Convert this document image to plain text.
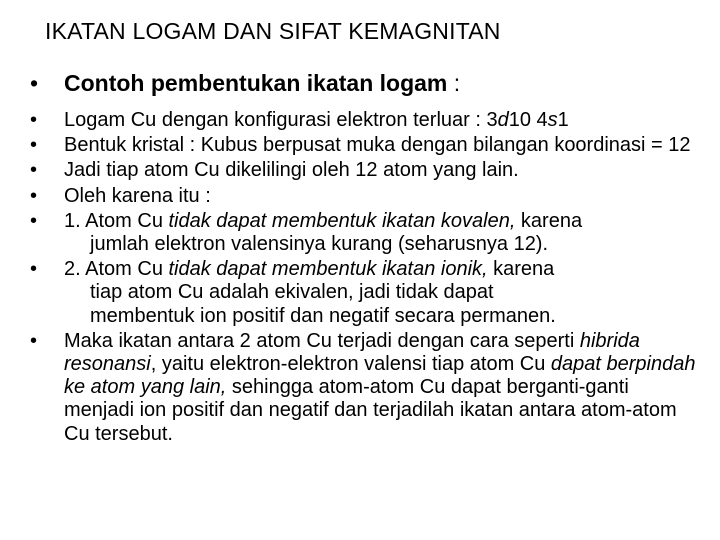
IKATAN LOGAM DAN SIFAT KEMAGNITAN
• Contoh pembentukan ikatan logam :
• Logam Cu dengan konfigurasi elektron terluar : 3d10 4s1
• Bentuk kristal : Kubus berpusat muka dengan bilangan koordinasi = 12
• Jadi tiap atom Cu dikelilingi oleh 12 atom yang lain.
• Oleh karena itu :
• 1. Atom Cu tidak dapat membentuk ikatan kovalen, karena
jumlah elektron valensinya kurang (seharusnya 12).
• 2. Atom Cu tidak dapat membentuk ikatan ionik, karena
tiap atom Cu adalah ekivalen, jadi tidak dapat
membentuk ion positif dan negatif secara permanen.
• Maka ikatan antara 2 atom Cu terjadi dengan cara seperti hibrida resonansi, yaitu elektron-elektron valensi tiap atom Cu dapat berpindah ke atom yang lain, sehingga atom-atom Cu dapat berganti-ganti menjadi ion positif dan negatif dan terjadilah ikatan antara atom-atom Cu tersebut.
